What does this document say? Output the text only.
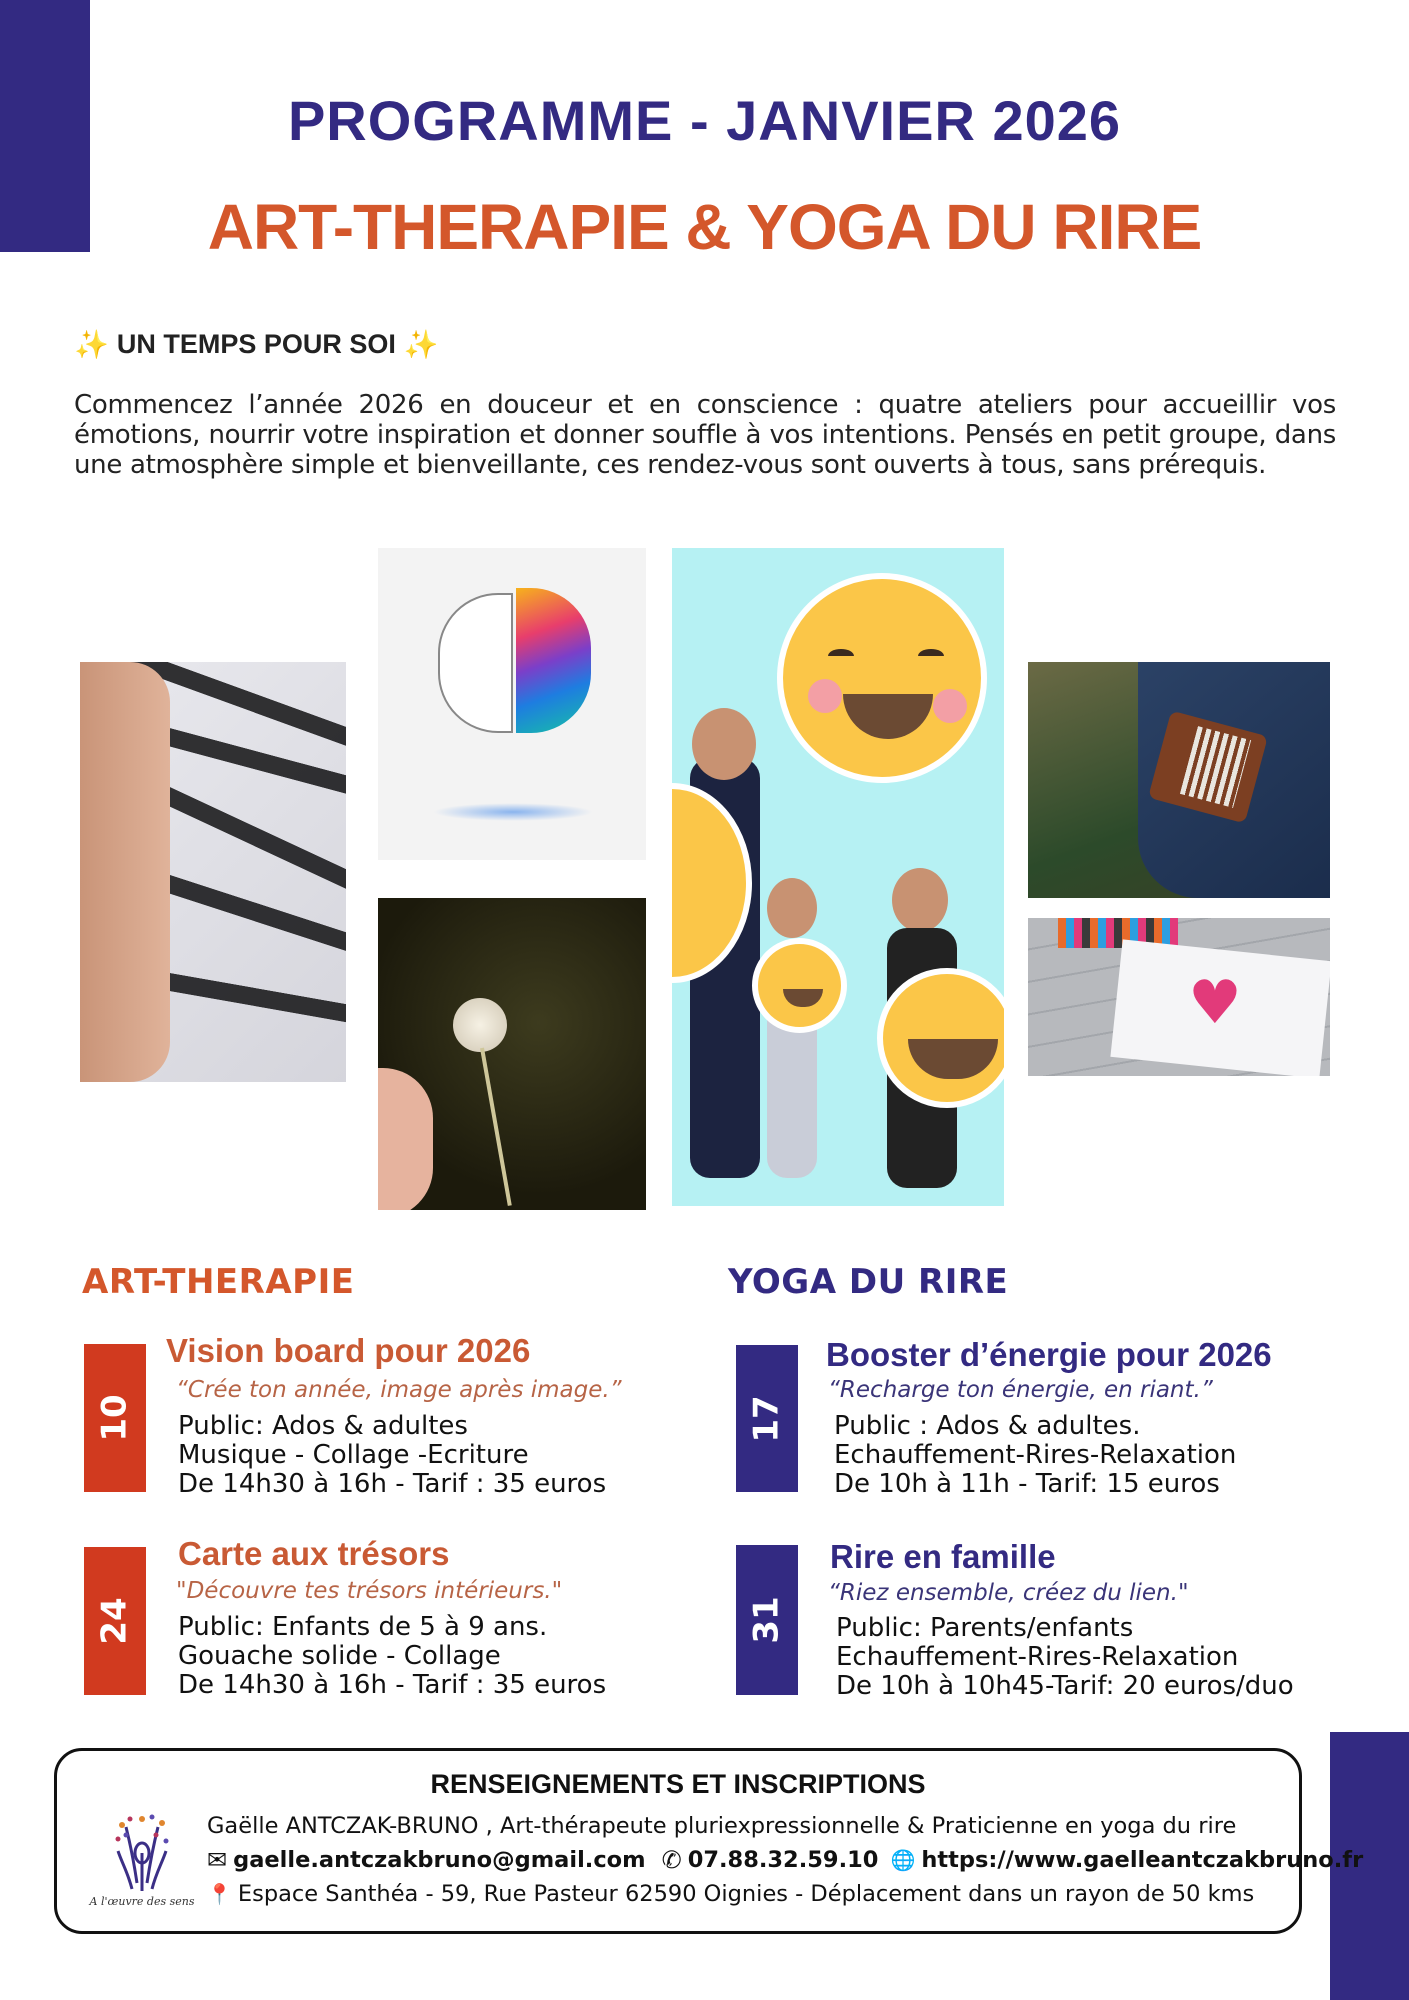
PROGRAMME - JANVIER 2026
ART-THERAPIE & YOGA DU RIRE
✨ UN TEMPS POUR SOI ✨

Commencez l’année 2026 en douceur et en conscience : quatre ateliers pour accueillir vos émotions, nourrir votre inspiration et donner souffle à vos intentions. Pensés en petit groupe, dans une atmosphère simple et bienveillante, ces rendez-vous sont ouverts à tous, sans prérequis.

♥
ART-THERAPIE	YOGA DU RIRE
10
Vision board pour 2026
“Crée ton année, image après image.”
Public: Ados & adultes
Musique - Collage -Ecriture
De 14h30 à 16h - Tarif : 35 euros
24
Carte aux trésors
"Découvre tes trésors intérieurs."
Public: Enfants de 5 à 9 ans.
Gouache solide - Collage
De 14h30 à 16h - Tarif : 35 euros
17
Booster d’énergie pour 2026
“Recharge ton énergie, en riant.”
Public : Ados & adultes.
Echauffement-Rires-Relaxation
De 10h à 11h - Tarif: 15 euros
31
Rire en famille
“Riez ensemble, créez du lien."
Public: Parents/enfants
Echauffement-Rires-Relaxation
De 10h à 10h45-Tarif: 20 euros/duo
RENSEIGNEMENTS ET INSCRIPTIONS
A l'œuvre des sens
Gaëlle ANTCZAK-BRUNO , Art-thérapeute pluriexpressionnelle & Praticienne en yoga du rire
✉ gaelle.antczakbruno@gmail.com ✆ 07.88.32.59.10 🌐 https://www.gaelleantczakbruno.fr
📍 Espace Santhéa - 59, Rue Pasteur 62590 Oignies - Déplacement dans un rayon de 50 kms
